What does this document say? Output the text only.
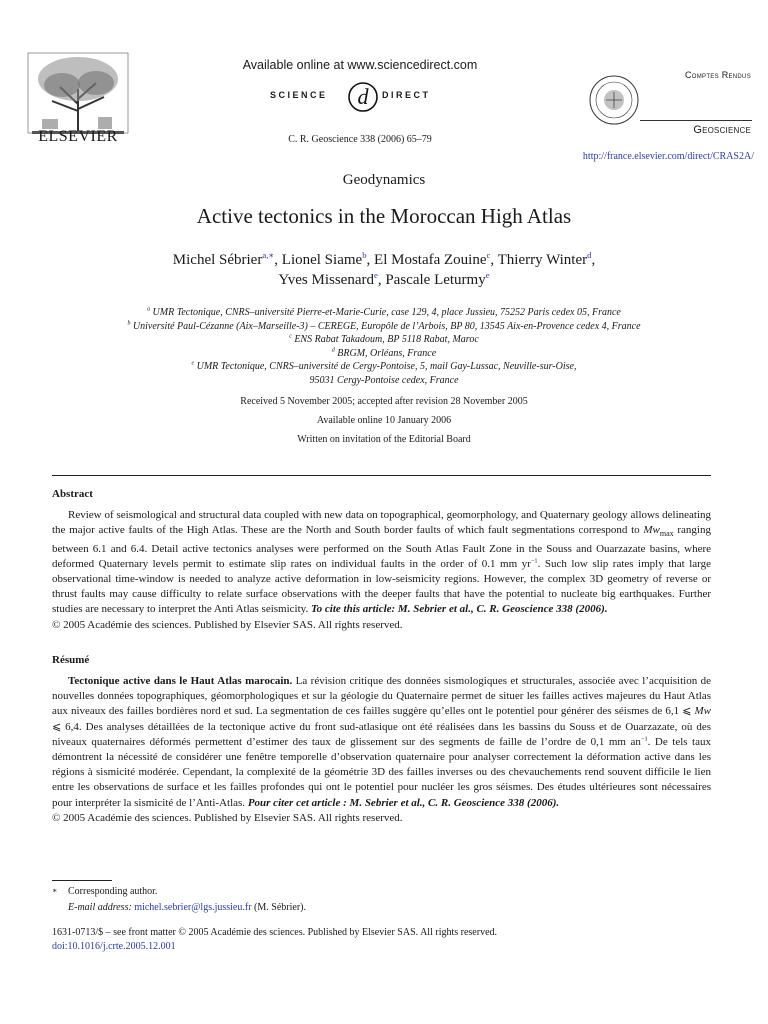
ELSEVIER
Available online at www.sciencedirect.com
SCIENCE d DIRECT
C. R. Geoscience 338 (2006) 65–79
Comptes Rendus
Geoscience
http://france.elsevier.com/direct/CRAS2A/
Geodynamics
Active tectonics in the Moroccan High Atlas
Michel Sébrier$^{a,∗}$, Lionel Siame$^b$, El Mostafa Zouine$^c$, Thierry Winter$^d$,
Yves Missenard$^e$, Pascale Leturmy$^e$
$^a$ UMR Tectonique, CNRS–université Pierre-et-Marie-Curie, case 129, 4, place Jussieu, 75252 Paris cedex 05, France
$^b$ Université Paul-Cézanne (Aix–Marseille-3) – CEREGE, Europôle de l’Arbois, BP 80, 13545 Aix-en-Provence cedex 4, France
$^c$ ENS Rabat Takadoum, BP 5118 Rabat, Maroc
$^d$ BRGM, Orléans, France
$^e$ UMR Tectonique, CNRS–université de Cergy-Pontoise, 5, mail Gay-Lussac, Neuville-sur-Oise,
95031 Cergy-Pontoise cedex, France
Received 5 November 2005; accepted after revision 28 November 2005
Available online 10 January 2006
Written on invitation of the Editorial Board
Abstract

Review of seismological and structural data coupled with new data on topographical, geomorphology, and Quaternary geology allows delineating the major active faults of the High Atlas. These are the North and South border faults of which fault segmentations correspond to $Mw_{max}$ ranging between 6.1 and 6.4. Detail active tectonics analyses were performed on the South Atlas Fault Zone in the Souss and Ouarzazate basins, where deformed Quaternary levels permit to estimate slip rates on individual faults in the order of 0.1 mm $yr^{-1}$. Such low slip rates imply that large observational time-window is needed to analyze active deformation in low-seismicity regions. However, the complex 3D geometry of reverse or thrust faults may cause difficulty to relate surface observations with the deeper faults that have the potential to nucleate big earthquakes. Further studies are necessary to interpret the Anti Atlas seismicity. To cite this article: M. Sebrier et al., C. R. Geoscience 338 (2006).

© 2005 Académie des sciences. Published by Elsevier SAS. All rights reserved.

Résumé

Tectonique active dans le Haut Atlas marocain. La révision critique des données sismologiques et structurales, associée avec l’acquisition de nouvelles données topographiques, géomorphologiques et sur la géologie du Quaternaire permet de situer les failles actives majeures du Haut Atlas aux niveaux des failles bordières nord et sud. La segmentation de ces failles suggère qu’elles ont le potentiel pour générer des séismes de 6,1 ⩽ Mw ⩽ 6,4. Des analyses détaillées de la tectonique active du front sud-atlasique ont été réalisées dans les bassins du Souss et de Ouarzazate, où des niveaux quaternaires déformés permettent d’estimer des taux de glissement sur des segments de faille de l’ordre de 0,1 mm $an^{-1}$. De tels taux démontrent la nécessité de considérer une fenêtre temporelle d’observation quaternaire pour analyser correctement la déformation active dans les régions à sismicité modérée. Cependant, la complexité de la géométrie 3D des failles inverses ou des chevauchements rend souvent difficile le lien entre les observations de surface et les failles profondes qui ont le potentiel pour nucléer les gros séismes. Des études ultérieures sont nécessaires pour interpréter la sismicité de l’Anti-Atlas. Pour citer cet article : M. Sebrier et al., C. R. Geoscience 338 (2006).

© 2005 Académie des sciences. Published by Elsevier SAS. All rights reserved.

∗ Corresponding author.
E-mail address: michel.sebrier@lgs.jussieu.fr (M. Sébrier).
1631-0713/$ – see front matter © 2005 Académie des sciences. Published by Elsevier SAS. All rights reserved.
doi:10.1016/j.crte.2005.12.001
